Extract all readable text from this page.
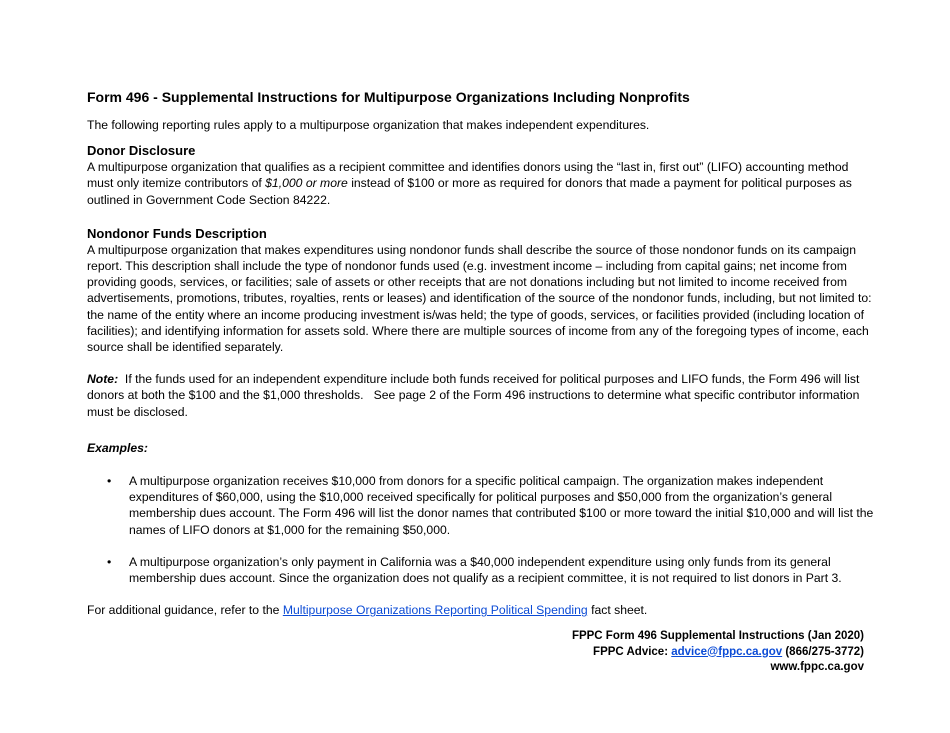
Form 496 - Supplemental Instructions for Multipurpose Organizations Including Nonprofits

The following reporting rules apply to a multipurpose organization that makes independent expenditures.

Donor Disclosure

A multipurpose organization that qualifies as a recipient committee and identifies donors using the “last in, first out” (LIFO) accounting method must only itemize contributors of $1,000 or more instead of $100 or more as required for donors that made a payment for political purposes as outlined in Government Code Section 84222.

Nondonor Funds Description

A multipurpose organization that makes expenditures using nondonor funds shall describe the source of those nondonor funds on its campaign report. This description shall include the type of nondonor funds used (e.g. investment income – including from capital gains; net income from providing goods, services, or facilities; sale of assets or other receipts that are not donations including but not limited to income received from advertisements, promotions, tributes, royalties, rents or leases) and identification of the source of the nondonor funds, including, but not limited to: the name of the entity where an income producing investment is/was held; the type of goods, services, or facilities provided (including location of facilities); and identifying information for assets sold. Where there are multiple sources of income from any of the foregoing types of income, each source shall be identified separately.

Note:  If the funds used for an independent expenditure include both funds received for political purposes and LIFO funds, the Form 496 will list donors at both the $100 and the $1,000 thresholds.   See page 2 of the Form 496 instructions to determine what specific contributor information must be disclosed.

Examples:
• A multipurpose organization receives $10,000 from donors for a specific political campaign. The organization makes independent expenditures of $60,000, using the $10,000 received specifically for political purposes and $50,000 from the organization’s general membership dues account. The Form 496 will list the donor names that contributed $100 or more toward the initial $10,000 and will list the names of LIFO donors at $1,000 for the remaining $50,000.
• A multipurpose organization’s only payment in California was a $40,000 independent expenditure using only funds from its general membership dues account. Since the organization does not qualify as a recipient committee, it is not required to list donors in Part 3.

For additional guidance, refer to the Multipurpose Organizations Reporting Political Spending fact sheet.

FPPC Form 496 Supplemental Instructions (Jan 2020)
FPPC Advice: advice@fppc.ca.gov (866/275-3772)
www.fppc.ca.gov
